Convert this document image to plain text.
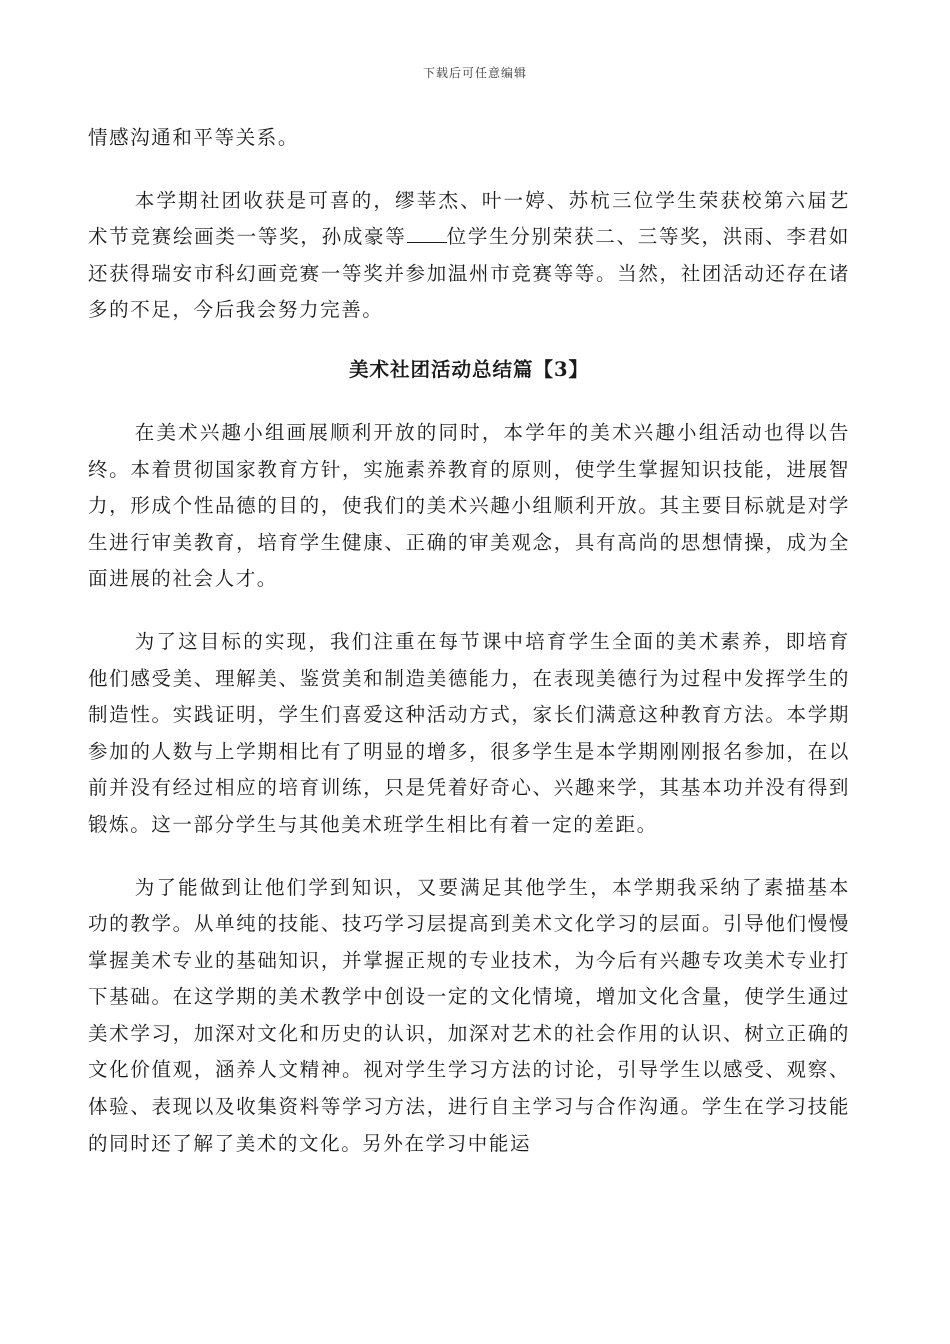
下载后可任意编辑

情感沟通和平等关系。

本学期社团收获是可喜的，缪莘杰、叶一婷、苏杭三位学生荣获校第六届艺术节竞赛绘画类一等奖，孙成豪等 位学生分别荣获二、三等奖，洪雨、李君如还获得瑞安市科幻画竞赛一等奖并参加温州市竞赛等等。当然，社团活动还存在诸多的不足，今后我会努力完善。

美术社团活动总结篇【3】

在美术兴趣小组画展顺利开放的同时，本学年的美术兴趣小组活动也得以告终。本着贯彻国家教育方针，实施素养教育的原则，使学生掌握知识技能，进展智力，形成个性品德的目的，使我们的美术兴趣小组顺利开放。其主要目标就是对学生进行审美教育，培育学生健康、正确的审美观念，具有高尚的思想情操，成为全面进展的社会人才。

为了这目标的实现，我们注重在每节课中培育学生全面的美术素养，即培育他们感受美、理解美、鉴赏美和制造美德能力，在表现美德行为过程中发挥学生的制造性。实践证明，学生们喜爱这种活动方式，家长们满意这种教育方法。本学期参加的人数与上学期相比有了明显的增多，很多学生是本学期刚刚报名参加，在以前并没有经过相应的培育训练，只是凭着好奇心、兴趣来学，其基本功并没有得到锻炼。这一部分学生与其他美术班学生相比有着一定的差距。

为了能做到让他们学到知识，又要满足其他学生，本学期我采纳了素描基本功的教学。从单纯的技能、技巧学习层提高到美术文化学习的层面。引导他们慢慢掌握美术专业的基础知识，并掌握正规的专业技术，为今后有兴趣专攻美术专业打下基础。在这学期的美术教学中创设一定的文化情境，增加文化含量，使学生通过美术学习，加深对文化和历史的认识，加深对艺术的社会作用的认识、树立正确的文化价值观，涵养人文精神。视对学生学习方法的讨论，引导学生以感受、观察、体验、表现以及收集资料等学习方法，进行自主学习与合作沟通。学生在学习技能的同时还了解了美术的文化。另外在学习中能运
